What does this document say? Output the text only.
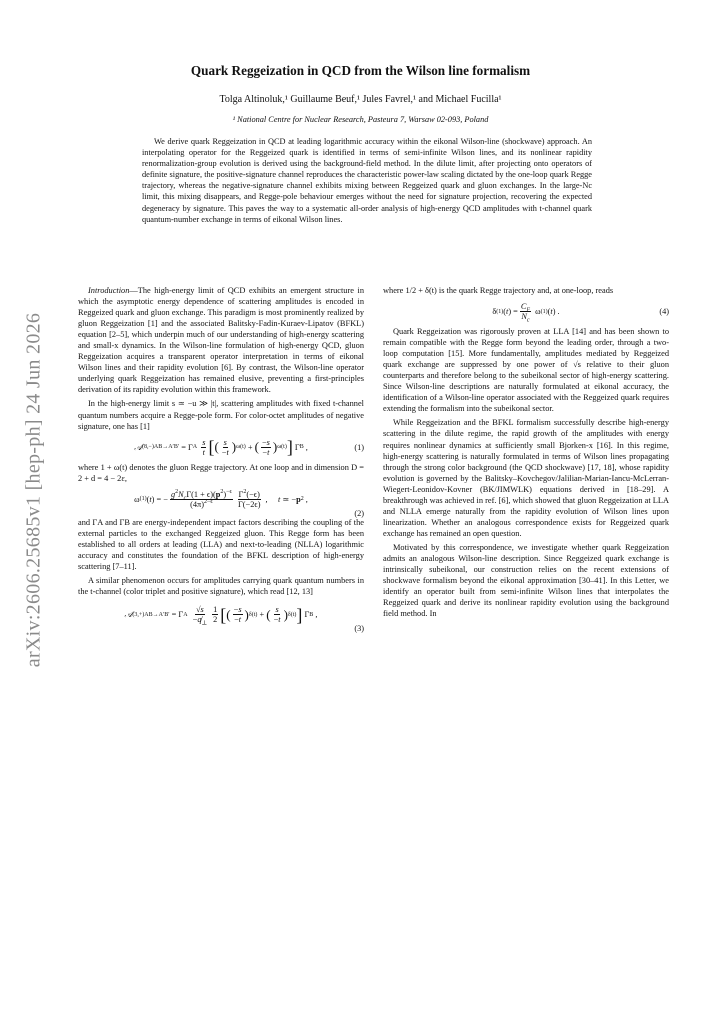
arXiv:2606.25685v1 [hep-ph] 24 Jun 2026
Quark Reggeization in QCD from the Wilson line formalism
Tolga Altinoluk,¹ Guillaume Beuf,¹ Jules Favrel,¹ and Michael Fucilla¹
¹ National Centre for Nuclear Research, Pasteura 7, Warsaw 02-093, Poland
We derive quark Reggeization in QCD at leading logarithmic accuracy within the eikonal Wilson-line (shockwave) approach. An interpolating operator for the Reggeized quark is identified in terms of semi-infinite Wilson lines, and its nonlinear rapidity renormalization-group evolution is derived using the background-field method. In the dilute limit, after projecting onto operators of definite signature, the positive-signature channel reproduces the characteristic power-law scaling dictated by the one-loop quark Regge trajectory, whereas the negative-signature channel exhibits mixing between Reggeized quark and gluon exchanges. In the large-Nc limit, this mixing disappears, and Regge-pole behaviour emerges without the need for signature projection, recovering the expected degeneracy by signature. This paves the way to a systematic all-order analysis of high-energy QCD amplitudes with t-channel quark quantum-number exchange in terms of eikonal Wilson lines.

Introduction—The high-energy limit of QCD exhibits an emergent structure in which the asymptotic energy dependence of scattering amplitudes is encoded in Reggeized quark and gluon exchange. This paradigm is most prominently realized by gluon Reggeization [1] and the associated Balitsky-Fadin-Kuraev-Lipatov (BFKL) equation [2–5], which underpin much of our understanding of high-energy scattering and small-x dynamics. In the Wilson-line formulation of high-energy QCD, gluon Reggeization acquires a transparent operator interpretation in terms of eikonal Wilson lines and their rapidity evolution [6]. By contrast, the Wilson-line operator underlying quark Reggeization has remained elusive, preventing a first-principles derivation of its rapidity evolution within this framework.

In the high-energy limit s ≃ −u ≫ |t|, scattering amplitudes with fixed t-channel quantum numbers acquire a Regge-pole form. For color-octet amplitudes of negative signature, one has [1]

𝒜 (8,−) AB→A′B′ = Γ A
$\frac{s}{t}$ [ ( $\frac{s}{-t}$ ) ω(t) + ( $\frac{-s}{-t}$ ) ω(t) ] Γ B ,	(1)

where 1 + ω(t) denotes the gluon Regge trajectory. At one loop and in dimension D = 2 + d = 4 − 2ε,

ω (1) ( t ) = − $\frac{g^2N_c\Gamma(1 + \epsilon)(p^2)^{-\epsilon}}{(4\pi)^{2-\epsilon}} \frac{\Gamma^2(-\epsilon)}{\Gamma(-2\epsilon)}$ , t ≃ − p 2 ,
(2)

and ΓA and ΓB are energy-independent impact factors describing the coupling of the external particles to the exchanged Reggeized gluon. This Regge form has been established to all orders at leading (LLA) and next-to-leading (NLLA) logarithmic accuracy and constitutes the foundation of the BFKL description of high-energy scattering [7–11].

A similar phenomenon occurs for amplitudes carrying quark quantum numbers in the t-channel (color triplet and positive signature), which read [12, 13]

𝒜 (3,+) AB→A′B′ = Γ A
$\frac{√s}{-q̸_\perp} \frac{1}{2}$ [ ( $\frac{-s}{-t}$ ) δ(t) + ( $\frac{s}{-t}$ ) δ(t) ] Γ B ,
(3)

where 1/2 + δ(t) is the quark Regge trajectory and, at one-loop, reads

δ (1) ( t ) = $\frac{C_F}{N_c}$ ω (1) ( t ) .	(4)

Quark Reggeization was rigorously proven at LLA [14] and has been shown to remain compatible with the Regge form beyond the leading order, through a two-loop computation [15]. More fundamentally, amplitudes mediated by Reggeized quark exchange are suppressed by one power of √s relative to their gluon counterparts and therefore belong to the subeikonal sector of high-energy scattering. Since Wilson-line descriptions are naturally formulated at eikonal accuracy, the identification of a Wilson-line operator associated with the Reggeized quark requires extending the formalism into the subeikonal sector.

While Reggeization and the BFKL formalism successfully describe high-energy scattering in the dilute regime, the rapid growth of the amplitudes with energy requires nonlinear dynamics at sufficiently small Bjorken-x [16]. In this regime, high-energy scattering is naturally formulated in terms of Wilson lines propagating through the strong color background (the QCD shockwave) [17, 18], whose rapidity evolution is governed by the Balitsky–Kovchegov/Jalilian-Marian-Iancu-McLerran-Wiegert-Leonidov-Kovner (BK/JIMWLK) equations derived in [18–29]. A breakthrough was achieved in ref. [6], which showed that gluon Reggeization at LLA and NLLA emerge naturally from the rapidity evolution of Wilson lines upon linearization. Whether an analogous correspondence exists for Reggeized quark exchange has remained an open question.

Motivated by this correspondence, we investigate whether quark Reggeization admits an analogous Wilson-line description. Since Reggeized quark exchange is intrinsically subeikonal, our construction relies on the recent extensions of shockwave formalism beyond the eikonal approximation [30–41]. In this Letter, we identify an operator built from semi-infinite Wilson lines that interpolates the Reggeized quark and derive its nonlinear rapidity evolution using the background field method. In
